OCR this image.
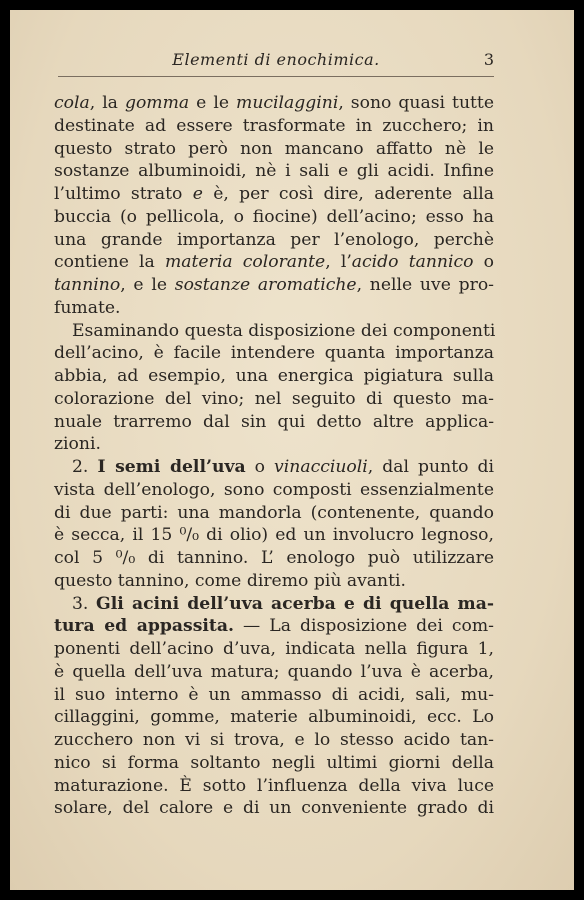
Elementi di enochimica.	3
cola, la gomma e le mucilaggini, sono quasi tutte
destinate ad essere trasformate in zucchero; in
questo strato però non mancano affatto nè le
sostanze albuminoidi, nè i sali e gli acidi. Infine
l’ultimo strato e è, per così dire, aderente alla
buccia (o pellicola, o fiocine) dell’acino; esso ha
una grande importanza per l’enologo, perchè
contiene la materia colorante, l’acido tannico o
tannino, e le sostanze aromatiche, nelle uve pro-
fumate.
Esaminando questa disposizione dei componenti
dell’acino, è facile intendere quanta importanza
abbia, ad esempio, una energica pigiatura sulla
colorazione del vino; nel seguito di questo ma-
nuale trarremo dal sin qui detto altre applica-
zioni.
2. I semi dell’uva o vinacciuoli, dal punto di
vista dell’enologo, sono composti essenzialmente
di due parti: una mandorla (contenente, quando
è secca, il 15 ⁰/₀ di olio) ed un involucro legnoso,
col 5 ⁰/₀ di tannino. L’ enologo può utilizzare
questo tannino, come diremo più avanti.
3. Gli acini dell’uva acerba e di quella ma-
tura ed appassita. — La disposizione dei com-
ponenti dell’acino d’uva, indicata nella figura 1,
è quella dell’uva matura; quando l’uva è acerba,
il suo interno è un ammasso di acidi, sali, mu-
cillaggini, gomme, materie albuminoidi, ecc. Lo
zucchero non vi si trova, e lo stesso acido tan-
nico si forma soltanto negli ultimi giorni della
maturazione. È sotto l’influenza della viva luce
solare, del calore e di un conveniente grado di
